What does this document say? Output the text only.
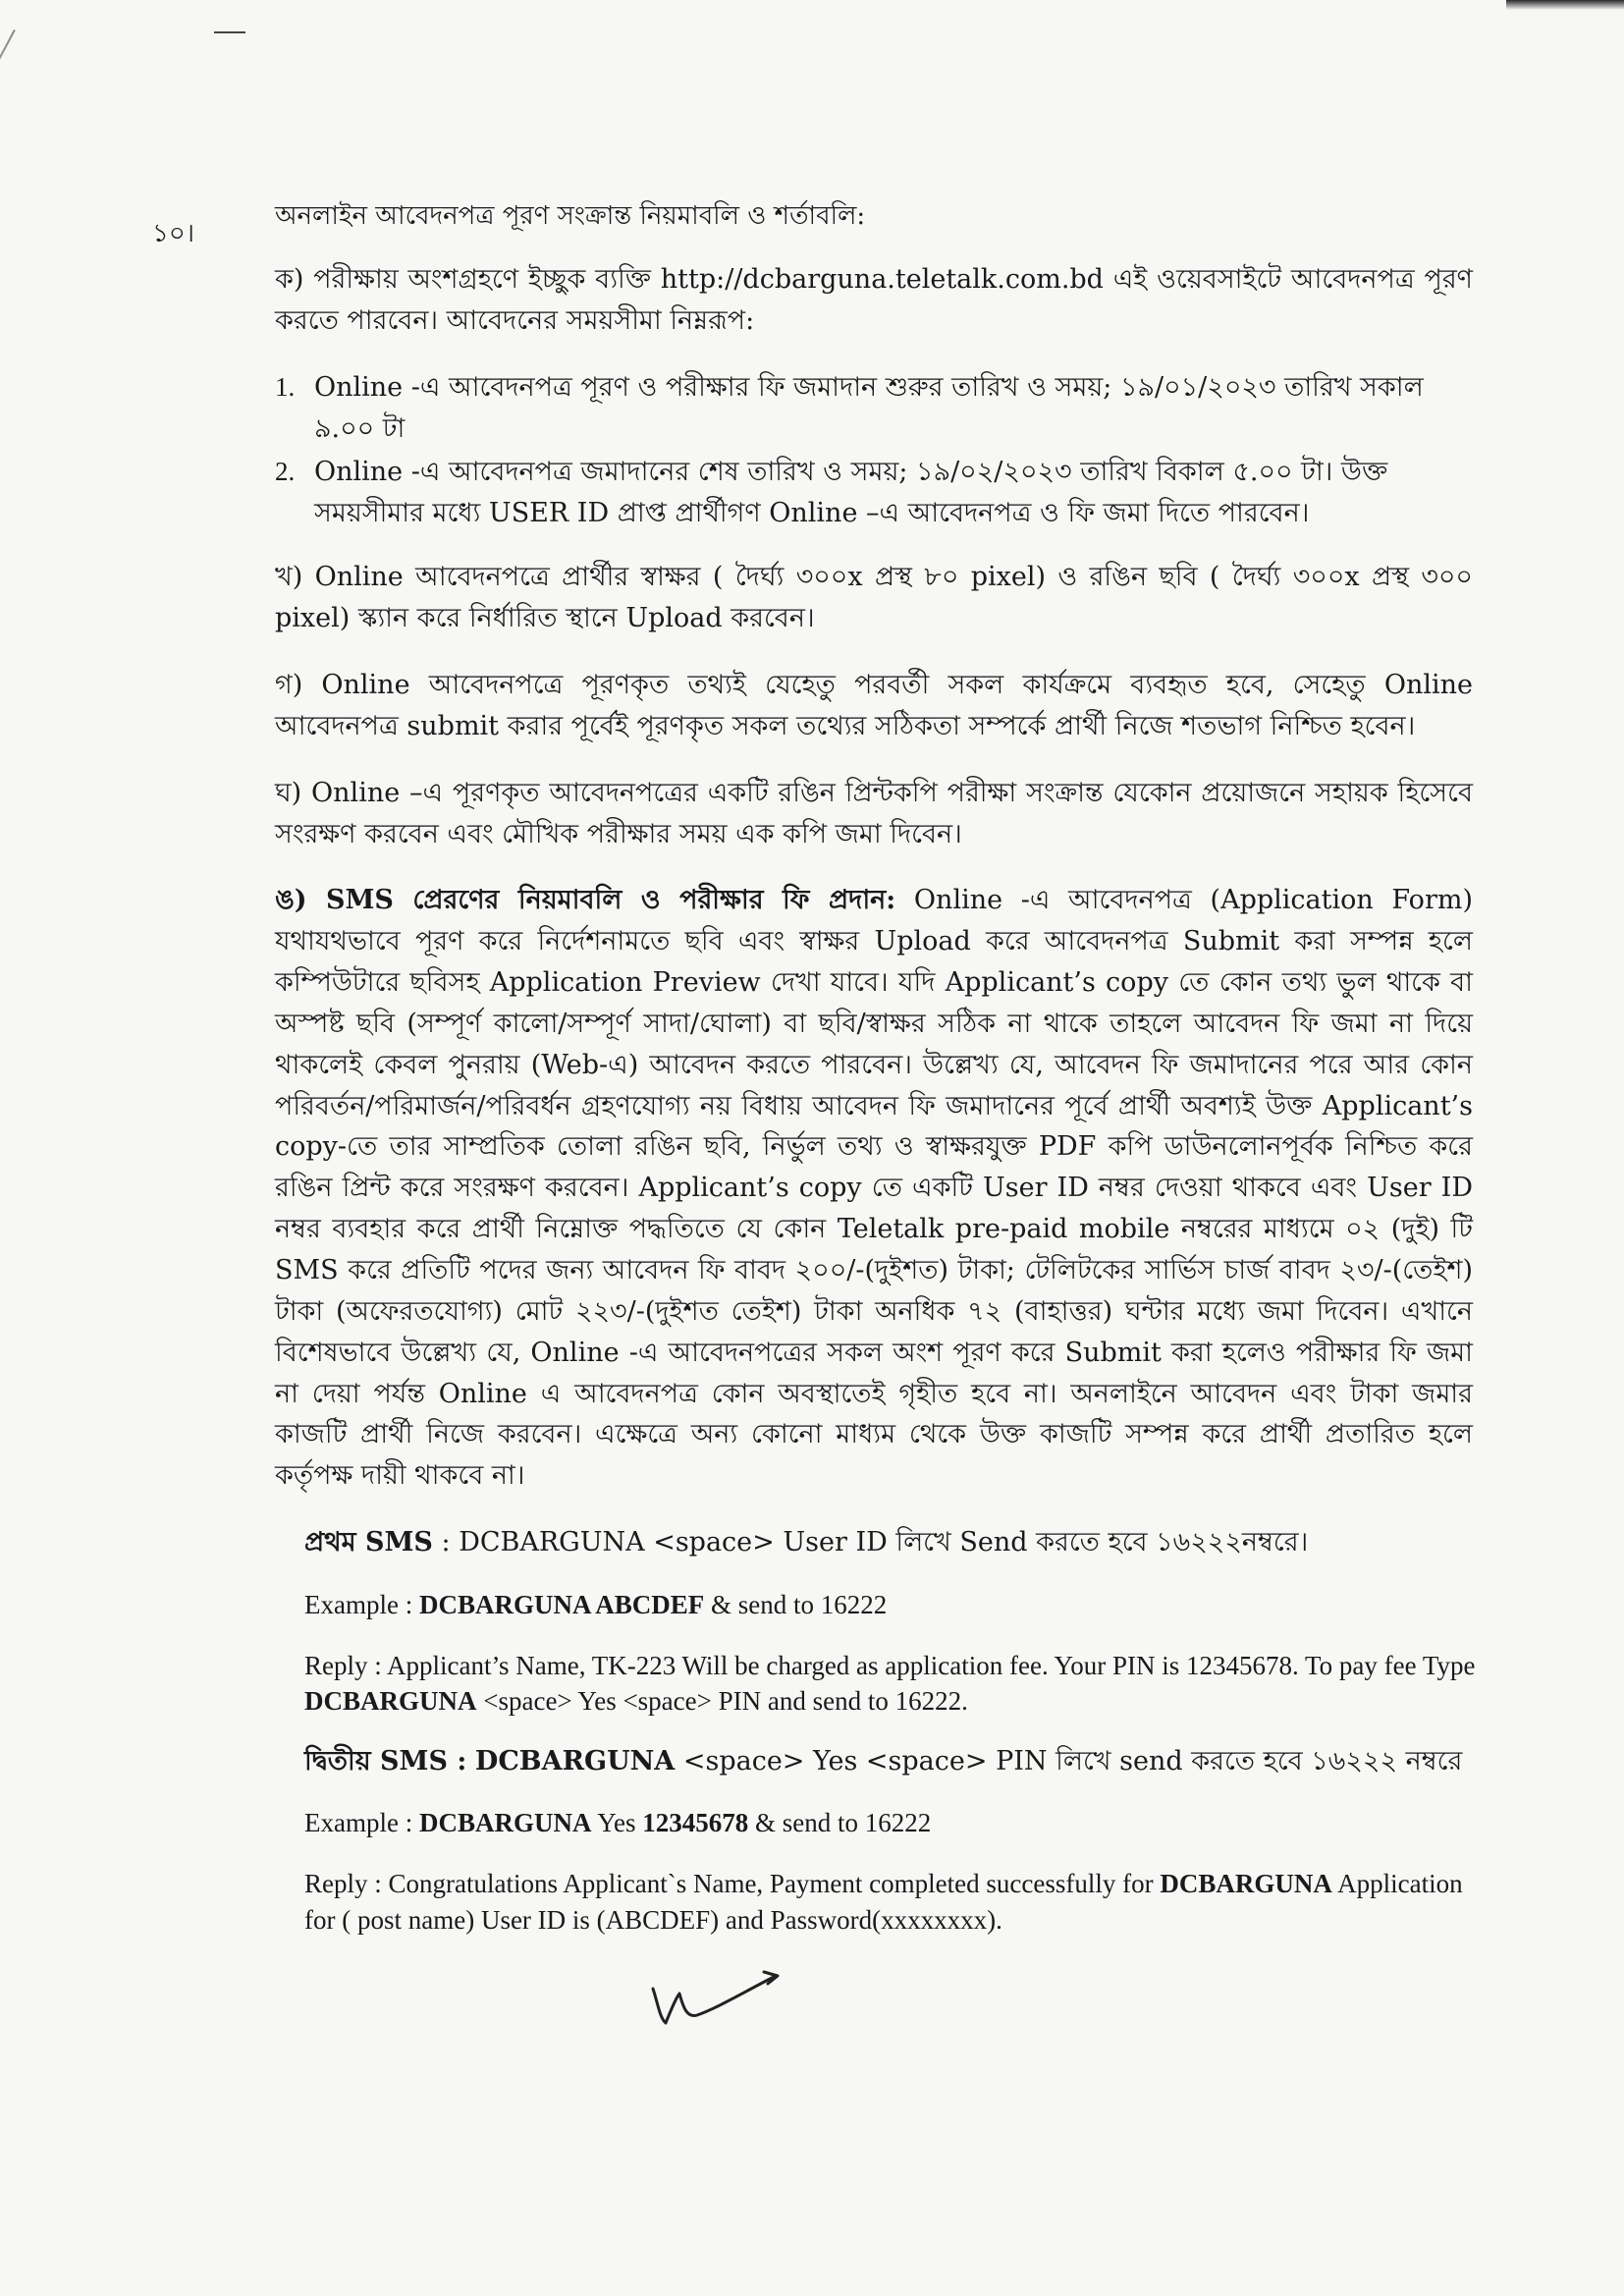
১০।
অনলাইন আবেদনপত্র পূরণ সংক্রান্ত নিয়মাবলি ও শর্তাবলি:

ক) পরীক্ষায় অংশগ্রহণে ইচ্ছুক ব্যক্তি http://dcbarguna.teletalk.com.bd এই ওয়েবসাইটে আবেদনপত্র পূরণ করতে পারবেন। আবেদনের সময়সীমা নিম্নরূপ:

1. Online -এ আবেদনপত্র পূরণ ও পরীক্ষার ফি জমাদান শুরুর তারিখ ও সময়; ১৯/০১/২০২৩ তারিখ সকাল ৯.০০ টা
2. Online -এ আবেদনপত্র জমাদানের শেষ তারিখ ও সময়; ১৯/০২/২০২৩ তারিখ বিকাল ৫.০০ টা। উক্ত সময়সীমার মধ্যে USER ID প্রাপ্ত প্রার্থীগণ Online –এ আবেদনপত্র ও ফি জমা দিতে পারবেন।

খ) Online আবেদনপত্রে প্রার্থীর স্বাক্ষর ( দৈর্ঘ্য ৩০০x প্রস্থ ৮০ pixel) ও রঙিন ছবি ( দৈর্ঘ্য ৩০০x প্রস্থ ৩০০ pixel) স্ক্যান করে নির্ধারিত স্থানে Upload করবেন।

গ) Online আবেদনপত্রে পূরণকৃত তথ্যই যেহেতু পরবর্তী সকল কার্যক্রমে ব্যবহৃত হবে, সেহেতু Online আবেদনপত্র submit করার পূর্বেই পূরণকৃত সকল তথ্যের সঠিকতা সম্পর্কে প্রার্থী নিজে শতভাগ নিশ্চিত হবেন।

ঘ) Online –এ পূরণকৃত আবেদনপত্রের একটি রঙিন প্রিন্টকপি পরীক্ষা সংক্রান্ত যেকোন প্রয়োজনে সহায়ক হিসেবে সংরক্ষণ করবেন এবং মৌখিক পরীক্ষার সময় এক কপি জমা দিবেন।

ঙ) SMS প্রেরণের নিয়মাবলি ও পরীক্ষার ফি প্রদান: Online -এ আবেদনপত্র (Application Form) যথাযথভাবে পূরণ করে নির্দেশনামতে ছবি এবং স্বাক্ষর Upload করে আবেদনপত্র Submit করা সম্পন্ন হলে কম্পিউটারে ছবিসহ Application Preview দেখা যাবে। যদি Applicant’s copy তে কোন তথ্য ভুল থাকে বা অস্পষ্ট ছবি (সম্পূর্ণ কালো/সম্পূর্ণ সাদা/ঘোলা) বা ছবি/স্বাক্ষর সঠিক না থাকে তাহলে আবেদন ফি জমা না দিয়ে থাকলেই কেবল পুনরায় (Web-এ) আবেদন করতে পারবেন। উল্লেখ্য যে, আবেদন ফি জমাদানের পরে আর কোন পরিবর্তন/পরিমার্জন/পরিবর্ধন গ্রহণযোগ্য নয় বিধায় আবেদন ফি জমাদানের পূর্বে প্রার্থী অবশ্যই উক্ত Applicant’s copy-তে তার সাম্প্রতিক তোলা রঙিন ছবি, নির্ভুল তথ্য ও স্বাক্ষরযুক্ত PDF কপি ডাউনলোনপূর্বক নিশ্চিত করে রঙিন প্রিন্ট করে সংরক্ষণ করবেন। Applicant’s copy তে একটি User ID নম্বর দেওয়া থাকবে এবং User ID নম্বর ব্যবহার করে প্রার্থী নিম্নোক্ত পদ্ধতিতে যে কোন Teletalk pre-paid mobile নম্বরের মাধ্যমে ০২ (দুই) টি SMS করে প্রতিটি পদের জন্য আবেদন ফি বাবদ ২০০/-(দুইশত) টাকা; টেলিটকের সার্ভিস চার্জ বাবদ ২৩/-(তেইশ) টাকা (অফেরতযোগ্য) মোট ২২৩/-(দুইশত তেইশ) টাকা অনধিক ৭২ (বাহাত্তর) ঘন্টার মধ্যে জমা দিবেন। এখানে বিশেষভাবে উল্লেখ্য যে, Online -এ আবেদনপত্রের সকল অংশ পূরণ করে Submit করা হলেও পরীক্ষার ফি জমা না দেয়া পর্যন্ত Online এ আবেদনপত্র কোন অবস্থাতেই গৃহীত হবে না। অনলাইনে আবেদন এবং টাকা জমার কাজটি প্রার্থী নিজে করবেন। এক্ষেত্রে অন্য কোনো মাধ্যম থেকে উক্ত কাজটি সম্পন্ন করে প্রার্থী প্রতারিত হলে কর্তৃপক্ষ দায়ী থাকবে না।

প্রথম SMS : DCBARGUNA <space> User ID লিখে Send করতে হবে ১৬২২২নম্বরে।
Example : DCBARGUNA ABCDEF & send to 16222
Reply : Applicant’s Name, TK-223 Will be charged as application fee. Your PIN is 12345678. To pay fee Type DCBARGUNA <space> Yes <space> PIN and send to 16222.
দ্বিতীয় SMS : DCBARGUNA <space> Yes <space> PIN লিখে send করতে হবে ১৬২২২ নম্বরে
Example : DCBARGUNA Yes 12345678 & send to 16222
Reply : Congratulations Applicant`s Name, Payment completed successfully for DCBARGUNA Application for ( post name) User ID is (ABCDEF) and Password(xxxxxxxx).
